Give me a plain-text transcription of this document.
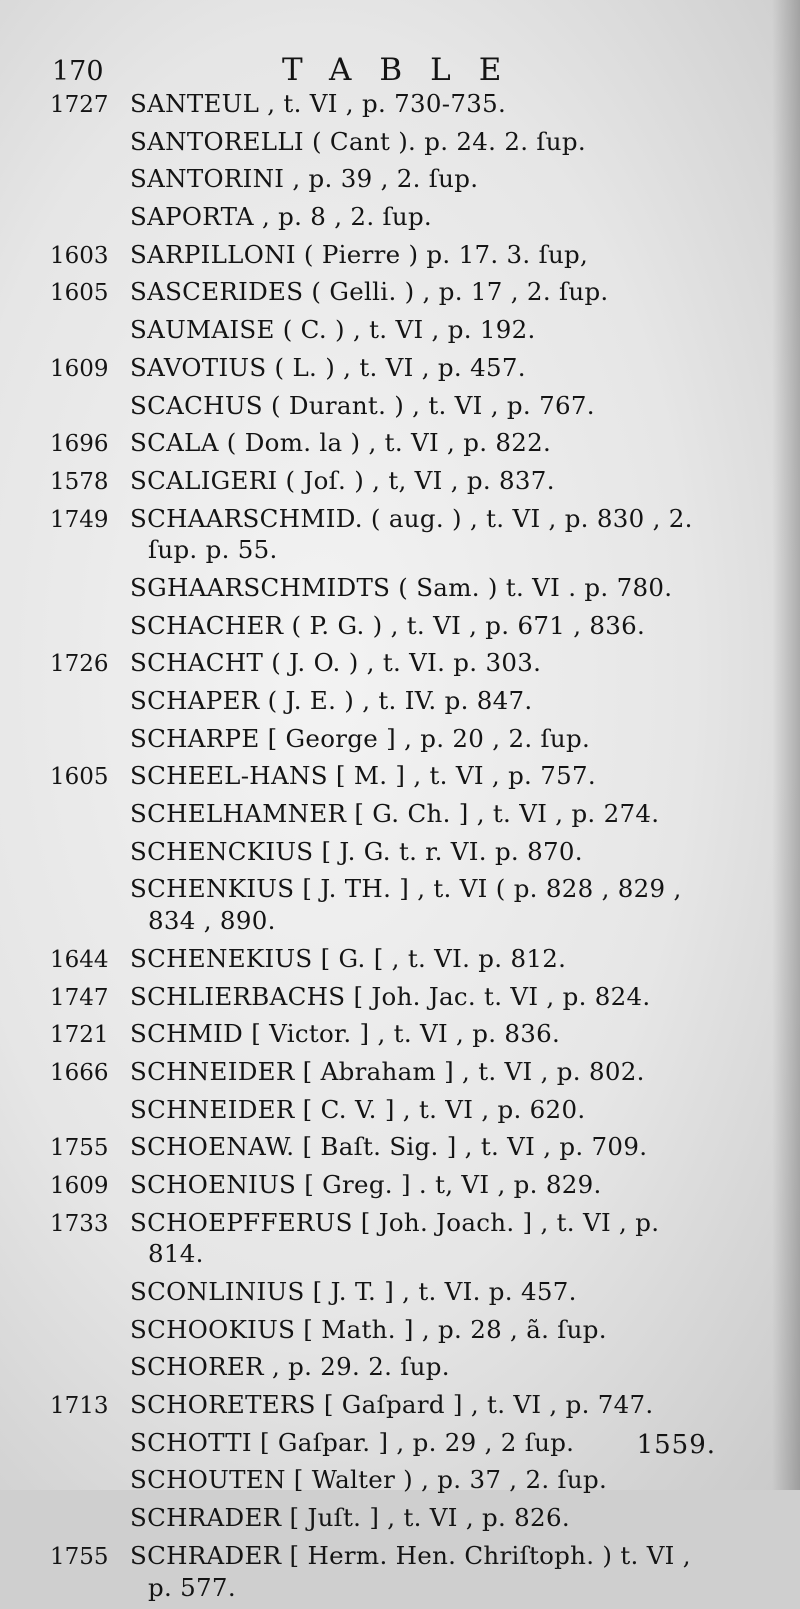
170	TABLE
1727 SANTEUL , t. VI , p. 730-735.
SANTORELLI ( Cant ). p. 24. 2. ſup.
SANTORINI , p. 39 , 2. ſup.
SAPORTA , p. 8 , 2. ſup.
1603 SARPILLONI ( Pierre ) p. 17. 3. ſup,
1605 SASCERIDES ( Gelli. ) , p. 17 , 2. ſup.
SAUMAISE ( C. ) , t. VI , p. 192.
1609 SAVOTIUS ( L. ) , t. VI , p. 457.
SCACHUS ( Durant. ) , t. VI , p. 767.
1696 SCALA ( Dom. la ) , t. VI , p. 822.
1578 SCALIGERI ( Joſ. ) , t, VI , p. 837.
1749 SCHAARSCHMID. ( aug. ) , t. VI , p. 830 , 2.
ſup. p. 55.
SGHAARSCHMIDTS ( Sam. ) t. VI . p. 780.
SCHACHER ( P. G. ) , t. VI , p. 671 , 836.
1726 SCHACHT ( J. O. ) , t. VI. p. 303.
SCHAPER ( J. E. ) , t. IV. p. 847.
SCHARPE [ George ] , p. 20 , 2. ſup.
1605 SCHEEL-HANS [ M. ] , t. VI , p. 757.
SCHELHAMNER [ G. Ch. ] , t. VI , p. 274.
SCHENCKIUS [ J. G. t. r. VI. p. 870.
SCHENKIUS [ J. TH. ] , t. VI ( p. 828 , 829 ,
834 , 890.
1644 SCHENEKIUS [ G. [ , t. VI. p. 812.
1747 SCHLIERBACHS [ Joh. Jac. t. VI , p. 824.
1721 SCHMID [ Victor. ] , t. VI , p. 836.
1666 SCHNEIDER [ Abraham ] , t. VI , p. 802.
SCHNEIDER [ C. V. ] , t. VI , p. 620.
1755 SCHOENAW. [ Baſt. Sig. ] , t. VI , p. 709.
1609 SCHOENIUS [ Greg. ] . t, VI , p. 829.
1733 SCHOEPFFERUS [ Joh. Joach. ] , t. VI , p.
814.
SCONLINIUS [ J. T. ] , t. VI. p. 457.
SCHOOKIUS [ Math. ] , p. 28 , ã. ſup.
SCHORER , p. 29. 2. ſup.
1713 SCHORETERS [ Gaſpard ] , t. VI , p. 747.
SCHOTTI [ Gaſpar. ] , p. 29 , 2 ſup.
SCHOUTEN [ Walter ) , p. 37 , 2. ſup.
SCHRADER [ Juſt. ] , t. VI , p. 826.
1755 SCHRADER [ Herm. Hen. Chriſtoph. ) t. VI ,
p. 577.
1559.
